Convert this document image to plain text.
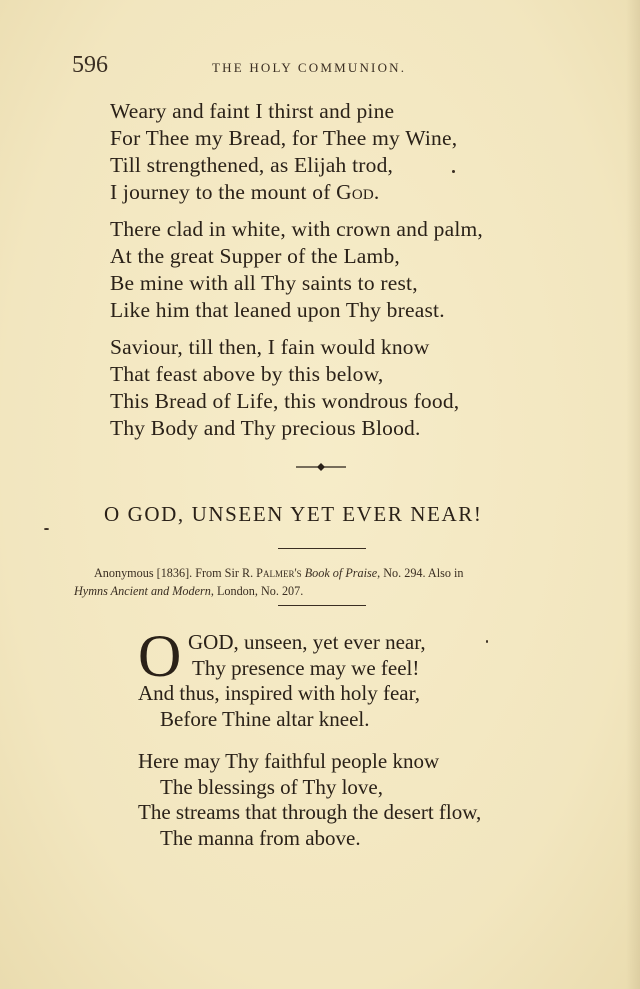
596	THE HOLY COMMUNION.
Weary and faint I thirst and pine
For Thee my Bread, for Thee my Wine,
Till strengthened, as Elijah trod,
I journey to the mount of God.
There clad in white, with crown and palm,
At the great Supper of the Lamb,
Be mine with all Thy saints to rest,
Like him that leaned upon Thy breast.
Saviour, till then, I fain would know
That feast above by this below,
This Bread of Life, this wondrous food,
Thy Body and Thy precious Blood.
O GOD, UNSEEN YET EVER NEAR!
Anonymous [1836]. From Sir R. Palmer's Book of Praise, No. 294. Also in
Hymns Ancient and Modern, London, No. 207.
O GOD, unseen, yet ever near,
Thy presence may we feel!
And thus, inspired with holy fear,
Before Thine altar kneel.
Here may Thy faithful people know
The blessings of Thy love,
The streams that through the desert flow,
The manna from above.
